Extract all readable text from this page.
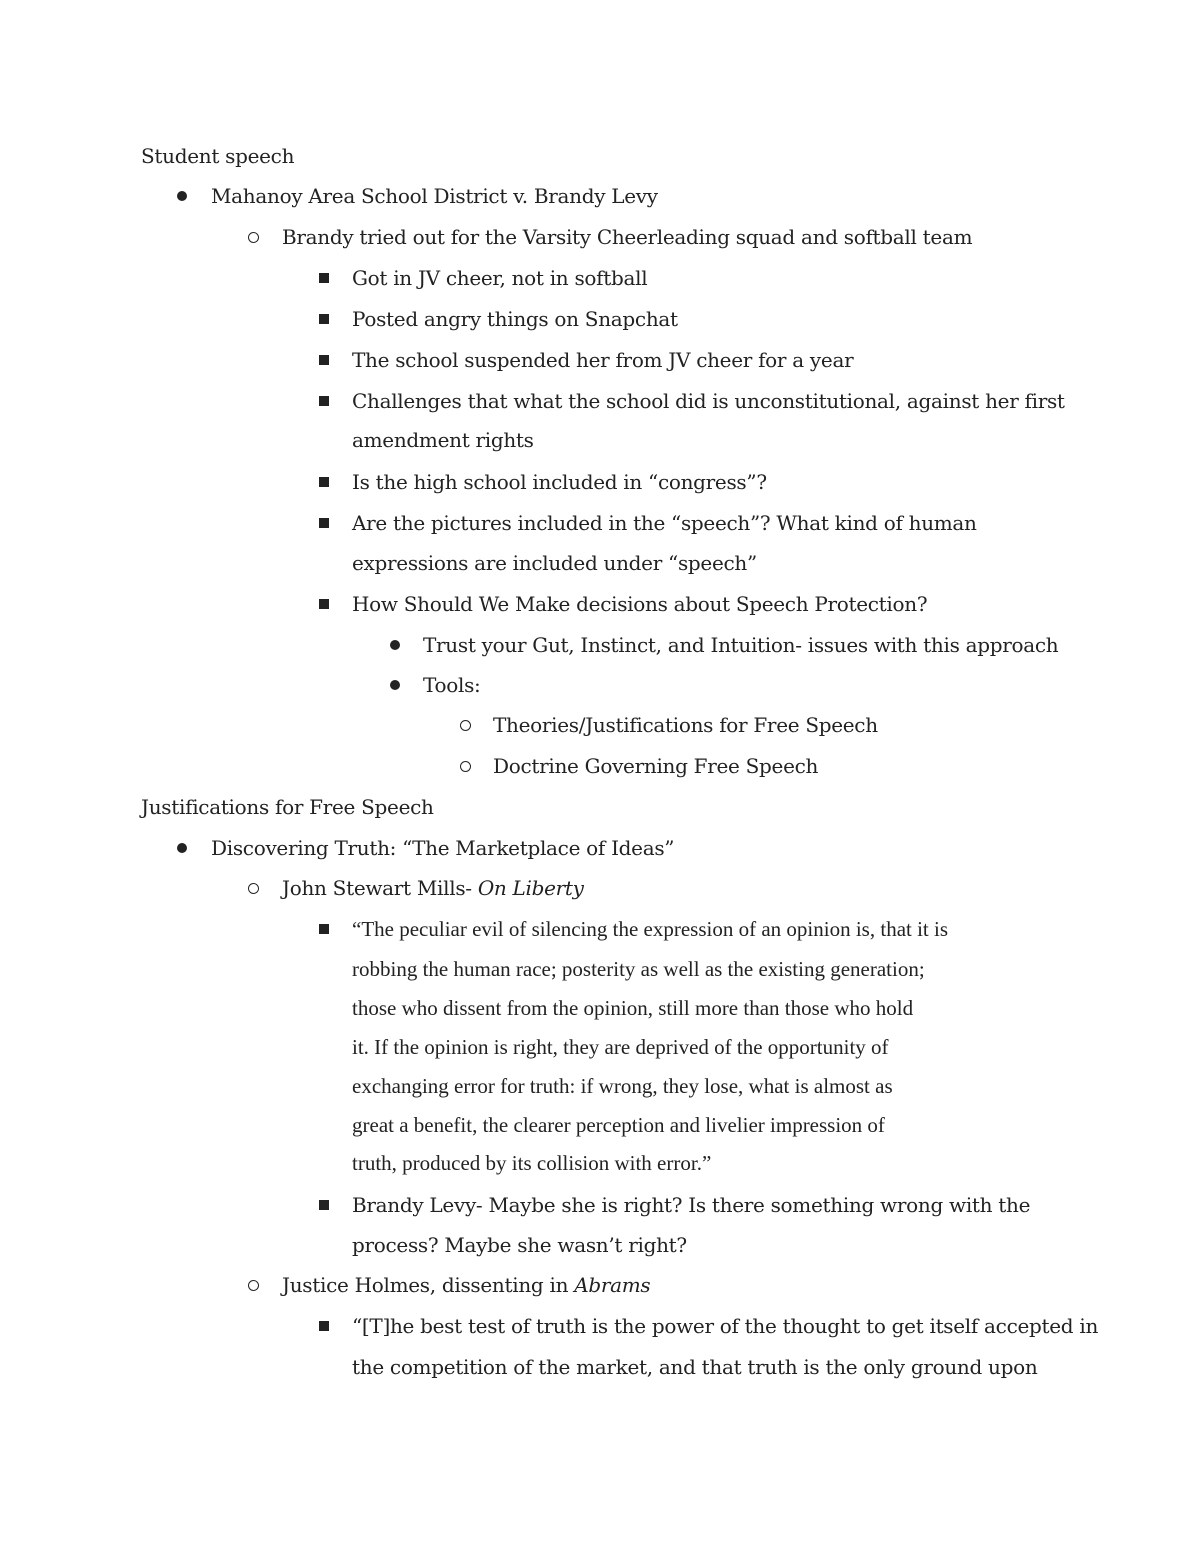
Student speech
Mahanoy Area School District v. Brandy Levy
Brandy tried out for the Varsity Cheerleading squad and softball team
Got in JV cheer, not in softball
Posted angry things on Snapchat
The school suspended her from JV cheer for a year
Challenges that what the school did is unconstitutional, against her first
amendment rights
Is the high school included in “congress”?
Are the pictures included in the “speech”? What kind of human
expressions are included under “speech”
How Should We Make decisions about Speech Protection?
Trust your Gut, Instinct, and Intuition- issues with this approach
Tools:
Theories/Justifications for Free Speech
Doctrine Governing Free Speech
Justifications for Free Speech
Discovering Truth: “The Marketplace of Ideas”
John Stewart Mills- On Liberty
“The peculiar evil of silencing the expression of an opinion is, that it is
robbing the human race; posterity as well as the existing generation;
those who dissent from the opinion, still more than those who hold
it. If the opinion is right, they are deprived of the opportunity of
exchanging error for truth: if wrong, they lose, what is almost as
great a benefit, the clearer perception and livelier impression of
truth, produced by its collision with error.”
Brandy Levy- Maybe she is right? Is there something wrong with the
process? Maybe she wasn’t right?
Justice Holmes, dissenting in Abrams
“[T]he best test of truth is the power of the thought to get itself accepted in
the competition of the market, and that truth is the only ground upon
